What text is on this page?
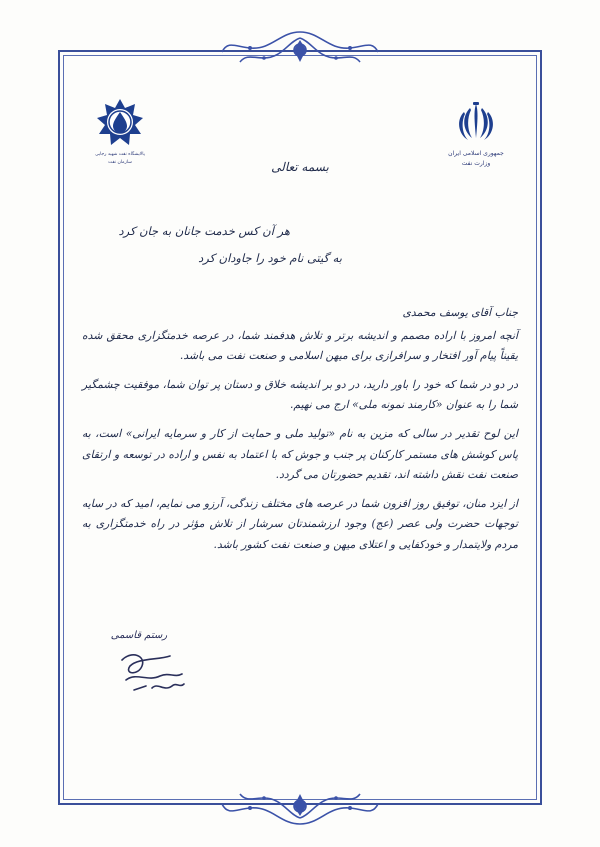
جمهوری اسلامی ایران
وزارت نفت
پالایشگاه نفت شهید رجایی
سازمان نفت	بسمه تعالی
هر آن کس خدمت جانان به جان کرد
به گیتی نام خود را جاودان کرد

جناب آقای یوسف محمدی

آنچه امروز با اراده مصمم و اندیشه برتر و تلاش هدفمند شما، در عرصه خدمتگزاری محقق شده یقیناً پیام آور افتخار و سرافرازی برای میهن اسلامی و صنعت نفت می باشد.

در دو در شما که خود را باور دارید، در دو بر اندیشه خلاق و دستان پر توان شما، موفقیت چشمگیر شما را به عنوان «کارمند نمونه ملی» ارج می نهیم.

این لوح تقدیر در سالی که مزین به نام «تولید ملی و حمایت از کار و سرمایه ایرانی» است، به پاس کوشش های مستمر کارکنان پر جنب و جوش که با اعتماد به نفس و اراده در توسعه و ارتقای صنعت نفت نقش داشته اند، تقدیم حضورتان می گردد.

از ایزد منان، توفیق روز افزون شما در عرصه های مختلف زندگی، آرزو می نمایم، امید که در سایه توجهات حضرت ولی عصر (عج) وجود ارزشمندتان سرشار از تلاش مؤثر در راه خدمتگزاری به مردم ولایتمدار و خودکفایی و اعتلای میهن و صنعت نفت کشور باشد.

رستم قاسمی
